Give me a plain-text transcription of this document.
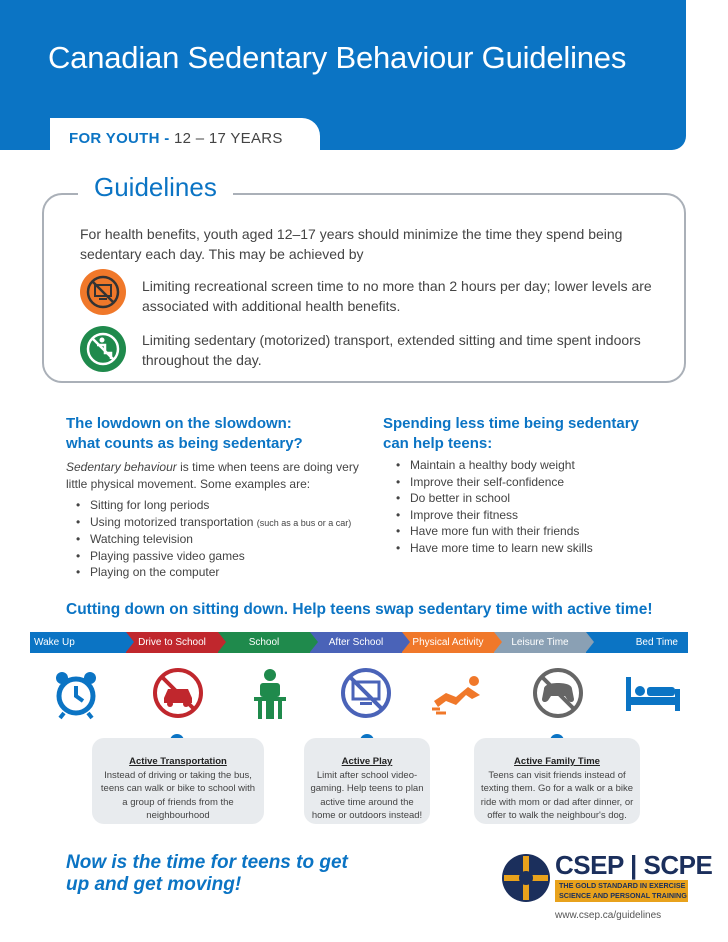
Canadian Sedentary Behaviour Guidelines
FOR YOUTH - 12 – 17 YEARS
Guidelines
For health benefits, youth aged 12–17 years should minimize the time they spend being sedentary each day. This may be achieved by
Limiting recreational screen time to no more than 2 hours per day; lower levels are associated with additional health benefits.
Limiting sedentary (motorized) transport, extended sitting and time spent indoors throughout the day.
The lowdown on the slowdown:
what counts as being sedentary?
Sedentary behaviour is time when teens are doing very little physical movement. Some examples are:
• Sitting for long periods
• Using motorized transportation (such as a bus or a car)
• Watching television
• Playing passive video games
• Playing on the computer
Spending less time being sedentary
can help teens:
• Maintain a healthy body weight
• Improve their self-confidence
• Do better in school
• Improve their fitness
• Have more fun with their friends
• Have more time to learn new skills
Cutting down on sitting down. Help teens swap sedentary time with active time!
Wake Up	Drive to School	School	After School	Physical Activity	Leisure Time	Bed Time
Active Transportation
Instead of driving or taking the bus, teens can walk or bike to school with a group of friends from the neighbourhood
Active Play
Limit after school video-gaming. Help teens to plan active time around the home or outdoors instead!
Active Family Time
Teens can visit friends instead of texting them. Go for a walk or a bike ride with mom or dad after dinner, or offer to walk the neighbour's dog.
Now is the time for teens to get
up and get moving!
CSEP | SCPE
THE GOLD STANDARD IN EXERCISE
SCIENCE AND PERSONAL TRAINING
www.csep.ca/guidelines
